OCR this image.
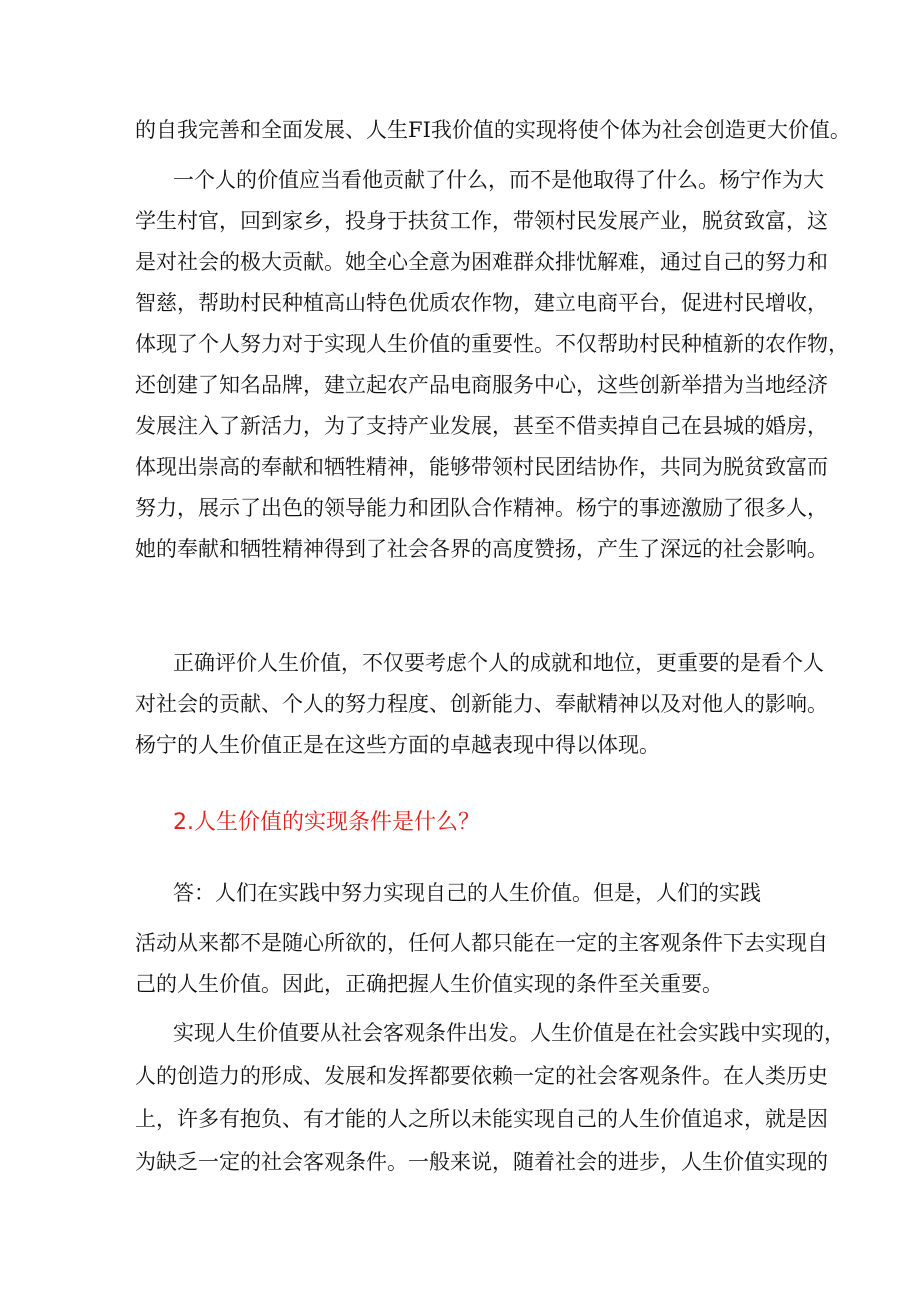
的自我完善和全面发展、人生FI我价值的实现将使个体为社会创造更大价值。
一个人的价值应当看他贡献了什么，而不是他取得了什么。杨宁作为大
学生村官，回到家乡，投身于扶贫工作，带领村民发展产业，脱贫致富，这
是对社会的极大贡献。她全心全意为困难群众排忧解难，通过自己的努力和
智慈，帮助村民种植高山特色优质农作物，建立电商平台，促进村民增收，
体现了个人努力对于实现人生价值的重要性。不仅帮助村民种植新的农作物，
还创建了知名品牌，建立起农产品电商服务中心，这些创新举措为当地经济
发展注入了新活力，为了支持产业发展，甚至不借卖掉自己在县城的婚房，
体现出崇高的奉献和牺牲精神，能够带领村民团结协作，共同为脱贫致富而
努力，展示了出色的领导能力和团队合作精神。杨宁的事迹激励了很多人，
她的奉献和牺牲精神得到了社会各界的高度赞扬，产生了深远的社会影响。
正确评价人生价值，不仅要考虑个人的成就和地位，更重要的是看个人
对社会的贡献、个人的努力程度、创新能力、奉献精神以及对他人的影响。
杨宁的人生价值正是在这些方面的卓越表现中得以体现。
2.人生价值的实现条件是什么？
答：人们在实践中努力实现自己的人生价值。但是，人们的实践
活动从来都不是随心所欲的，任何人都只能在一定的主客观条件下去实现自
己的人生价值。因此，正确把握人生价值实现的条件至关重要。
实现人生价值要从社会客观条件出发。人生价值是在社会实践中实现的，
人的创造力的形成、发展和发挥都要依赖一定的社会客观条件。在人类历史
上，许多有抱负、有才能的人之所以未能实现自己的人生价值追求，就是因
为缺乏一定的社会客观条件。一般来说，随着社会的进步，人生价值实现的
